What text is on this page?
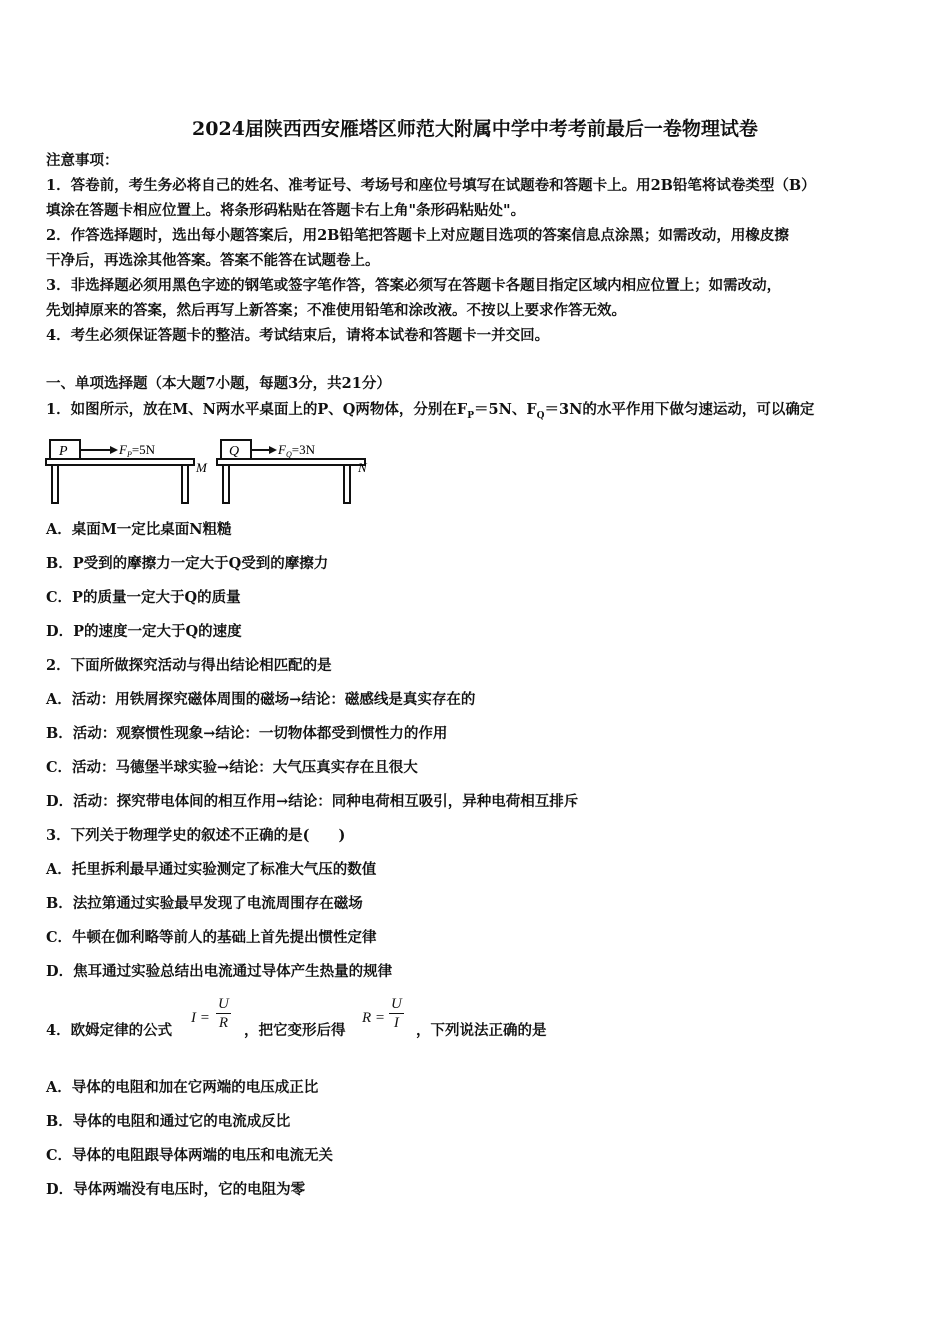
2024届陕西西安雁塔区师范大附属中学中考考前最后一卷物理试卷
注意事项：
1．答卷前，考生务必将自己的姓名、准考证号、考场号和座位号填写在试题卷和答题卡上。用2B铅笔将试卷类型（B）
填涂在答题卡相应位置上。将条形码粘贴在答题卡右上角"条形码粘贴处"。
2．作答选择题时，选出每小题答案后，用2B铅笔把答题卡上对应题目选项的答案信息点涂黑；如需改动，用橡皮擦
干净后，再选涂其他答案。答案不能答在试题卷上。
3．非选择题必须用黑色字迹的钢笔或签字笔作答，答案必须写在答题卡各题目指定区域内相应位置上；如需改动，
先划掉原来的答案，然后再写上新答案；不准使用铅笔和涂改液。不按以上要求作答无效。
4．考生必须保证答题卡的整洁。考试结束后，请将本试卷和答题卡一并交回。
一、单项选择题（本大题7小题，每题3分，共21分）
1．如图所示，放在M、N两水平桌面上的P、Q两物体，分别在$F_P=5N$、$F_Q=3N$的水平作用下做匀速运动，可以确定
P	$F_P=5N$
M
Q	$F_Q=3N$
N
A．桌面M一定比桌面N粗糙
B．P受到的摩擦力一定大于Q受到的摩擦力
C．P的质量一定大于Q的质量
D．P的速度一定大于Q的速度
2．下面所做探究活动与得出结论相匹配的是
A．活动：用铁屑探究磁体周围的磁场→结论：磁感线是真实存在的
B．活动：观察惯性现象→结论：一切物体都受到惯性力的作用
C．活动：马德堡半球实验→结论：大气压真实存在且很大
D．活动：探究带电体间的相互作用→结论：同种电荷相互吸引，异种电荷相互排斥
3．下列关于物理学史的叙述不正确的是(　　)
A．托里拆利最早通过实验测定了标准大气压的数值
B．法拉第通过实验最早发现了电流周围存在磁场
C．牛顿在伽利略等前人的基础上首先提出惯性定律
D．焦耳通过实验总结出电流通过导体产生热量的规律
4．欧姆定律的公式
$I = \frac{U}{R}$ ，把它变形后得
$R = \frac{U}{I}$ ，下列说法正确的是
A．导体的电阻和加在它两端的电压成正比
B．导体的电阻和通过它的电流成反比
C．导体的电阻跟导体两端的电压和电流无关
D．导体两端没有电压时，它的电阻为零
